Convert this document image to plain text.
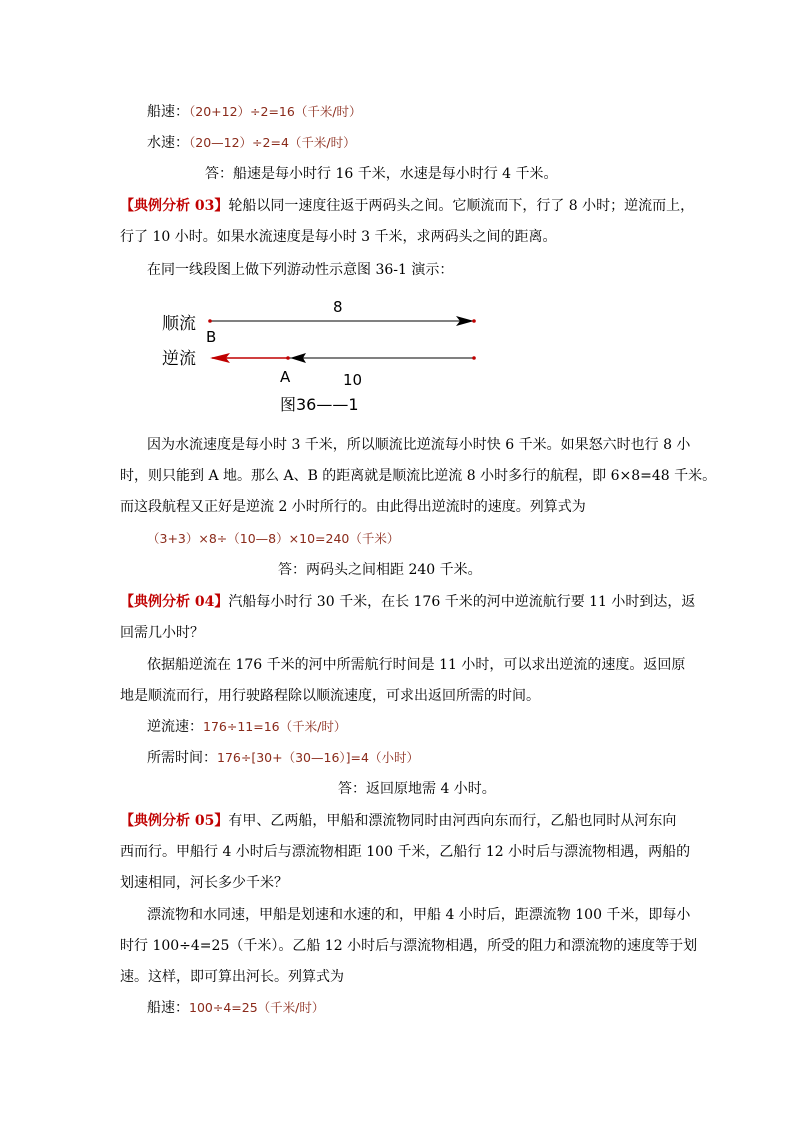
船速：（20+12）÷2=16（千米/时）
水速：（20—12）÷2=4（千米/时）
答：船速是每小时行 16 千米，水速是每小时行 4 千米。
【典例分析 03】轮船以同一速度往返于两码头之间。它顺流而下，行了 8 小时；逆流而上，
行了 10 小时。如果水流速度是每小时 3 千米，求两码头之间的距离。
在同一线段图上做下列游动性示意图 36-1 演示：
顺流
8
B
逆流
A	10
图36——1
因为水流速度是每小时 3 千米，所以顺流比逆流每小时快 6 千米。如果怒六时也行 8 小
时，则只能到 A 地。那么 A、B 的距离就是顺流比逆流 8 小时多行的航程，即 6×8=48 千米。
而这段航程又正好是逆流 2 小时所行的。由此得出逆流时的速度。列算式为
（3+3）×8÷（10—8）×10=240（千米）
答：两码头之间相距 240 千米。
【典例分析 04】汽船每小时行 30 千米，在长 176 千米的河中逆流航行要 11 小时到达，返
回需几小时？
依据船逆流在 176 千米的河中所需航行时间是 11 小时，可以求出逆流的速度。返回原
地是顺流而行，用行驶路程除以顺流速度，可求出返回所需的时间。
逆流速：176÷11=16（千米/时）
所需时间：176÷[30+（30—16）]=4（小时）
答：返回原地需 4 小时。
【典例分析 05】有甲、乙两船，甲船和漂流物同时由河西向东而行，乙船也同时从河东向
西而行。甲船行 4 小时后与漂流物相距 100 千米，乙船行 12 小时后与漂流物相遇，两船的
划速相同，河长多少千米？
漂流物和水同速，甲船是划速和水速的和，甲船 4 小时后，距漂流物 100 千米，即每小
时行 100÷4=25（千米）。乙船 12 小时后与漂流物相遇，所受的阻力和漂流物的速度等于划
速。这样，即可算出河长。列算式为
船速：100÷4=25（千米/时）
